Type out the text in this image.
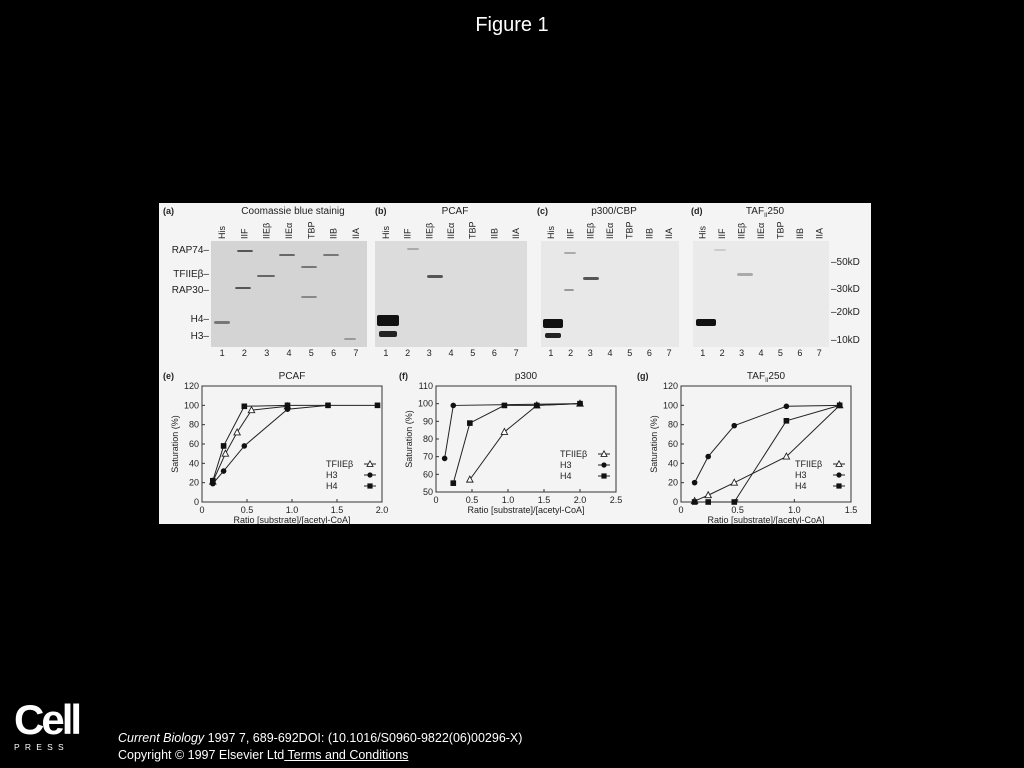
Figure 1
(a)	Coomassie blue stainig
His IIF IIEβ IIEα TBP IIB IIA
1 2 3 4 5 6 7
(b)	PCAF
His IIF IIEβ IIEα TBP IIB IIA
1 2 3 4 5 6 7
(c)	p300/CBP
His IIF IIEβ IIEα TBP IIB IIA
1 2 3 4 5 6 7
(d)	$TAF_{II}250$
His IIF IIEβ IIEα TBP IIB IIA
1 2 3 4 5 6 7
RAP74–
TFIIEβ–
RAP30–
H4–
H3–
–50kD
–30kD
–20kD
–10kD
0
20
40
60
80
100
120
0	0.5	1.0	1.5	2.0
Ratio [substrate]/[acetyl-CoA]
Saturation (%)	TFIIEβ
H3
H4
(e)	PCAF
50
60
70
80
90
100
110
0	0.5	1.0	1.5	2.0	2.5
Ratio [substrate]/[acetyl-CoA]
Saturation (%)	TFIIEβ
H3
H4
(f)	p300
0
20
40
60
80
100
120
0	0.5	1.0	1.5
Ratio [substrate]/[acetyl-CoA]
Saturation (%)	TFIIEβ
H3
H4
(g)	$TAF_{II}250$
Cell
PRESS
Current Biology 1997 7, 689-692DOI: (10.1016/S0960-9822(06)00296-X)
Copyright © 1997 Elsevier Ltd Terms and Conditions
